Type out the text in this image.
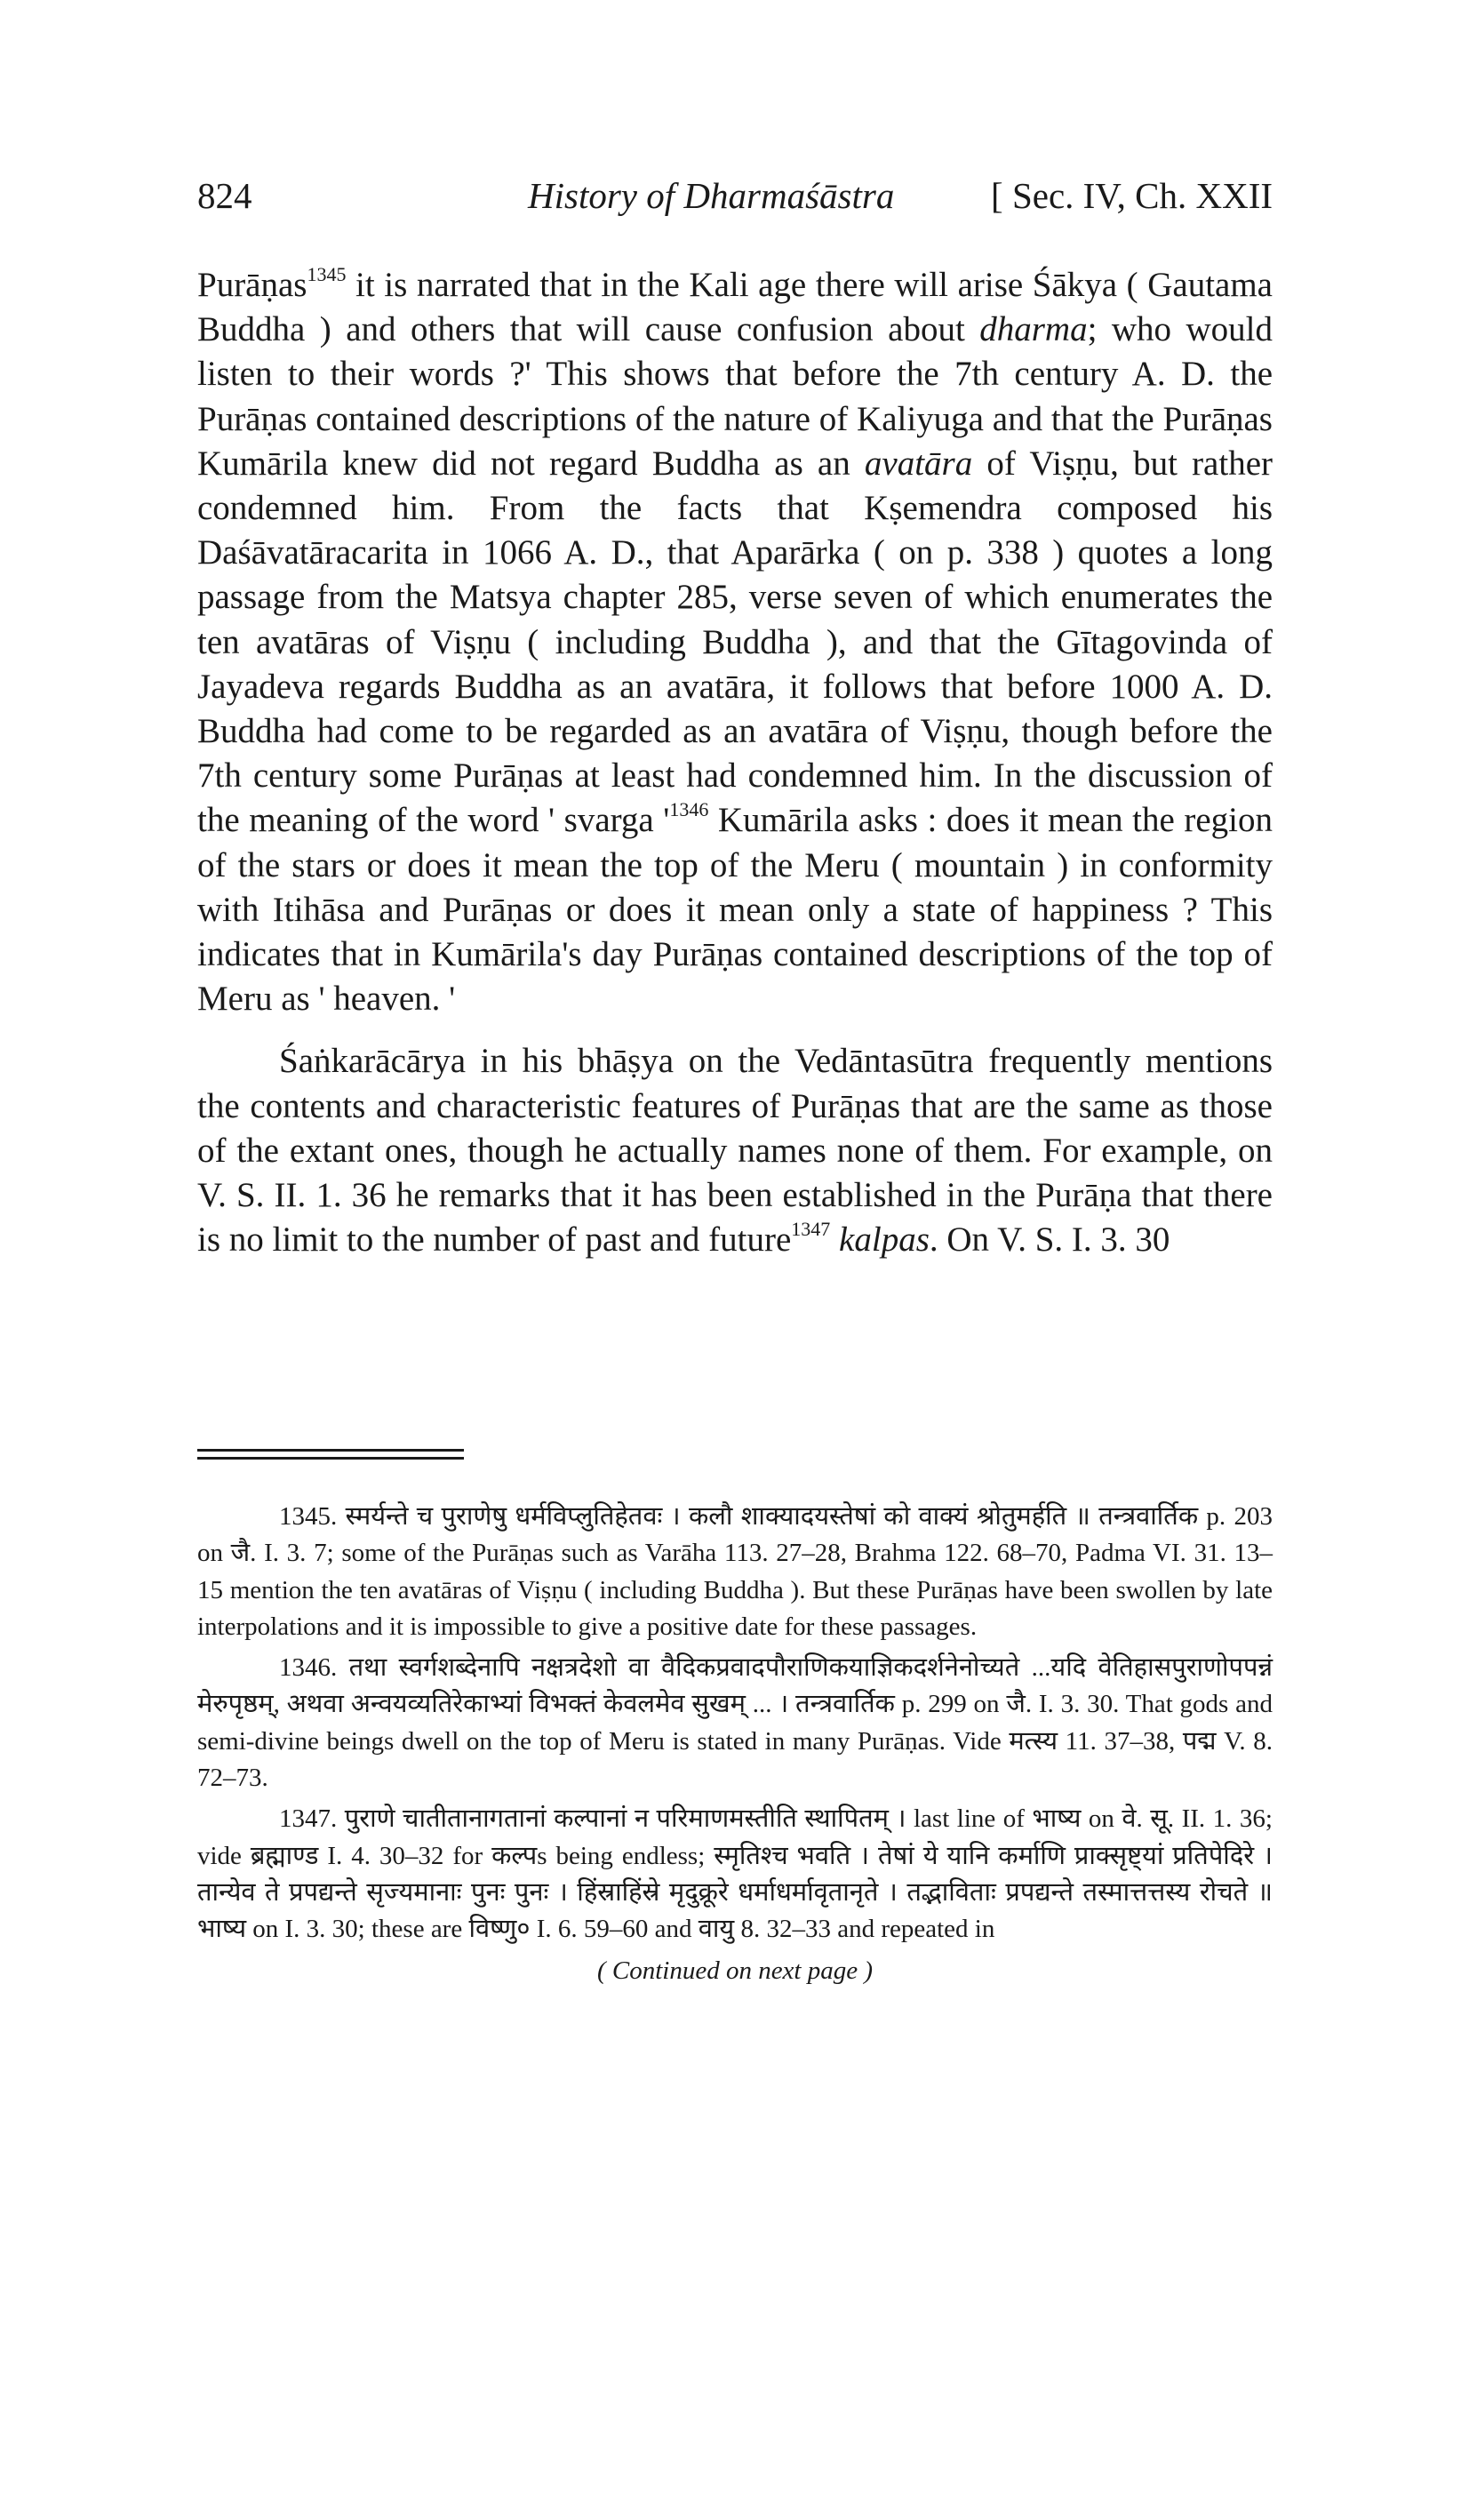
824	History of Dharmaśāstra	[ Sec. IV, Ch. XXII

Purāṇas$^{1345}$ it is narrated that in the Kali age there will arise Śākya ( Gautama Buddha ) and others that will cause confusion about dharma; who would listen to their words ?' This shows that before the 7th century A. D. the Purāṇas contained descriptions of the nature of Kaliyuga and that the Purāṇas Kumārila knew did not regard Buddha as an avatāra of Viṣṇu, but rather condemned him. From the facts that Kṣemendra composed his Daśāvatāracarita in 1066 A. D., that Aparārka ( on p. 338 ) quotes a long passage from the Matsya chapter 285, verse seven of which enumerates the ten avatāras of Viṣṇu ( including Buddha ), and that the Gītagovinda of Jayadeva regards Buddha as an avatāra, it follows that before 1000 A. D. Buddha had come to be regarded as an avatāra of Viṣṇu, though before the 7th century some Purāṇas at least had condemned him. In the discussion of the meaning of the word ' svarga '$^{1346}$ Kumārila asks : does it mean the region of the stars or does it mean the top of the Meru ( mountain ) in conformity with Itihāsa and Purāṇas or does it mean only a state of happiness ? This indicates that in Kumārila's day Purāṇas contained descriptions of the top of Meru as ' heaven. '

Śaṅkarācārya in his bhāṣya on the Vedāntasūtra frequently mentions the contents and characteristic features of Purāṇas that are the same as those of the extant ones, though he actually names none of them. For example, on V. S. II. 1. 36 he remarks that it has been established in the Purāṇa that there is no limit to the number of past and future$^{1347}$ kalpas. On V. S. I. 3. 30

1345. स्मर्यन्ते च पुराणेषु धर्मविप्लुतिहेतवः । कलौ शाक्यादयस्तेषां को वाक्यं श्रोतुमर्हति ॥ तन्त्रवार्तिक p. 203 on जै. I. 3. 7; some of the Purāṇas such as Varāha 113. 27–28, Brahma 122. 68–70, Padma VI. 31. 13–15 mention the ten avatāras of Viṣṇu ( including Buddha ). But these Purāṇas have been swollen by late interpolations and it is impossible to give a positive date for these passages.

1346. तथा स्वर्गशब्देनापि नक्षत्रदेशो वा वैदिकप्रवादपौराणिकयाज्ञिकदर्शनेनोच्यते ...यदि वेतिहासपुराणोपपन्नं मेरुपृष्ठम्, अथवा अन्वयव्यतिरेकाभ्यां विभक्तं केवलमेव सुखम् ... । तन्त्रवार्तिक p. 299 on जै. I. 3. 30. That gods and semi-divine beings dwell on the top of Meru is stated in many Purāṇas. Vide मत्स्य 11. 37–38, पद्म V. 8. 72–73.

1347. पुराणे चातीतानागतानां कल्पानां न परिमाणमस्तीति स्थापितम् । last line of भाष्य on वे. सू. II. 1. 36; vide ब्रह्माण्ड I. 4. 30–32 for कल्पs being endless; स्मृतिश्च भवति । तेषां ये यानि कर्माणि प्राक्सृष्ट्यां प्रतिपेदिरे । तान्येव ते प्रपद्यन्ते सृज्यमानाः पुनः पुनः । हिंस्राहिंस्रे मृदुक्रूरे धर्माधर्मावृतानृते । तद्भाविताः प्रपद्यन्ते तस्मात्तत्तस्य रोचते ॥ भाष्य on I. 3. 30; these are विष्णु० I. 6. 59–60 and वायु 8. 32–33 and repeated in

( Continued on next page )
